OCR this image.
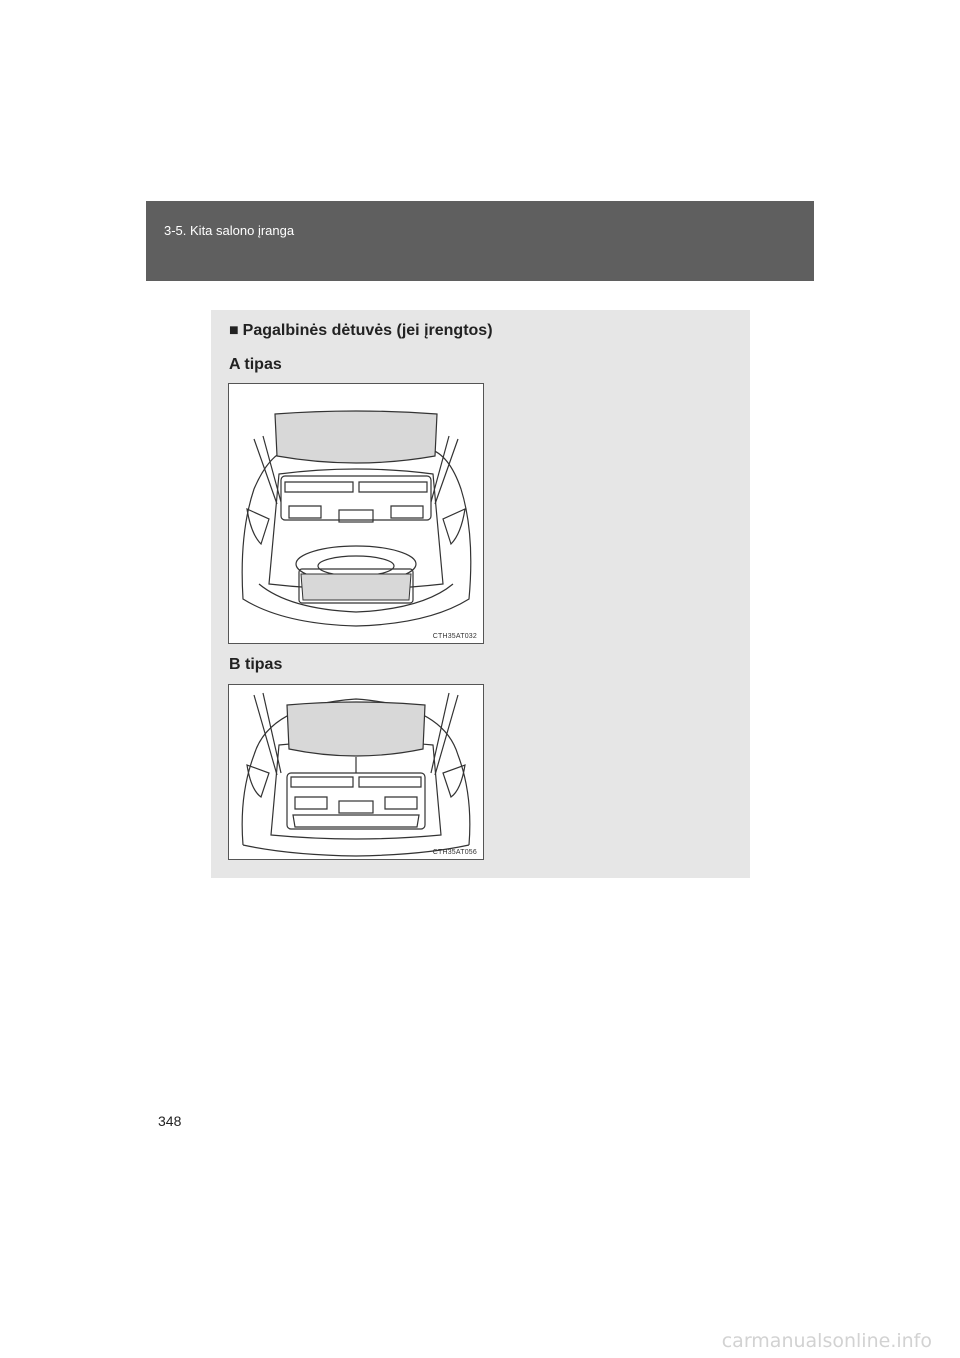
3-5. Kita salono įranga
■ Pagalbinės dėtuvės (jei įrengtos)
A tipas
CTH35AT032
B tipas
CTH35AT056
348
carmanualsonline.info
